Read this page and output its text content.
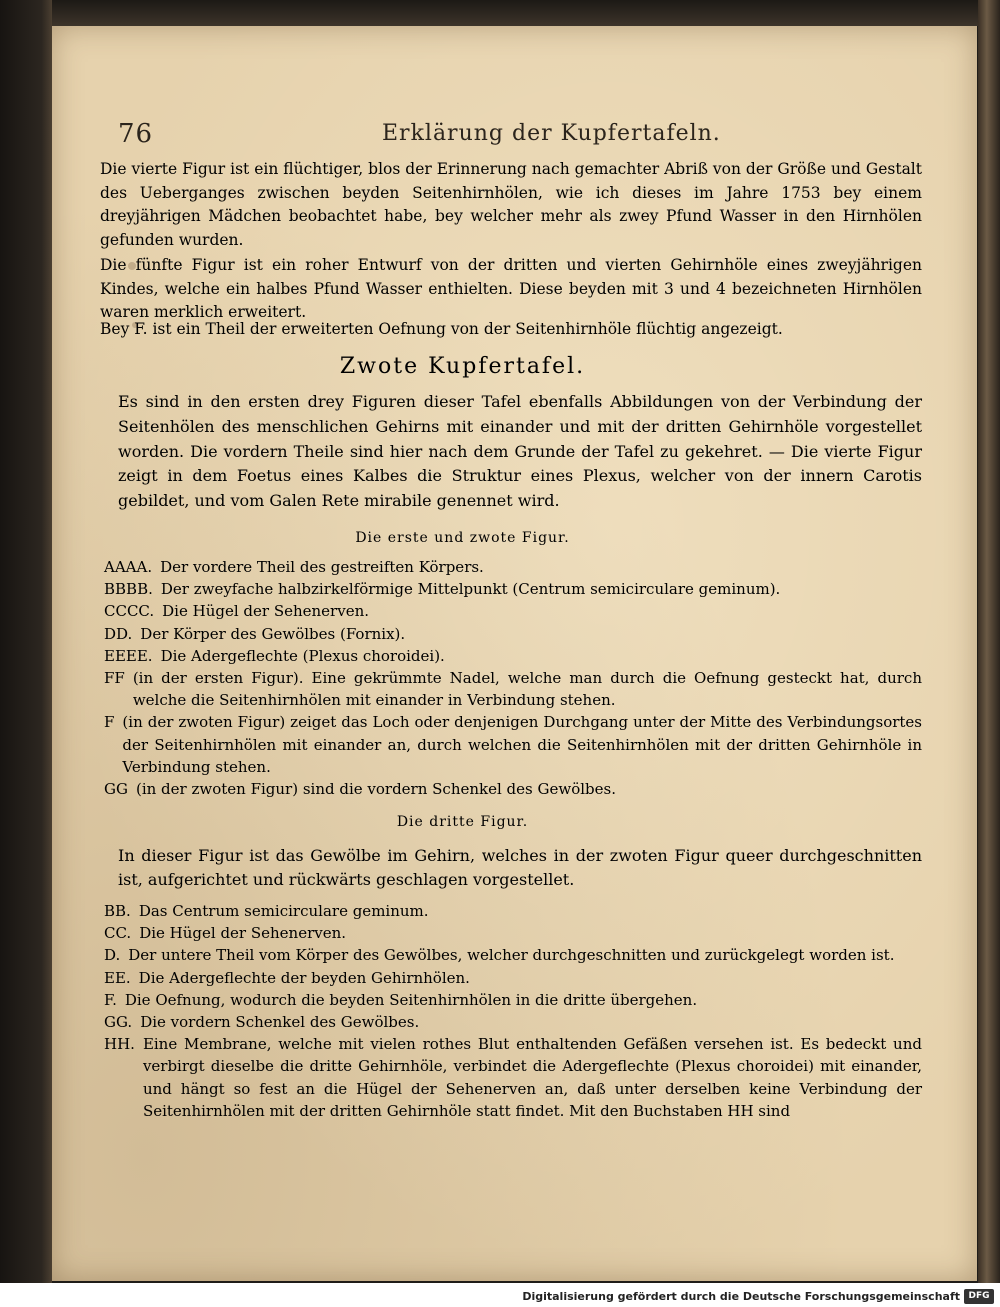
76	Erklärung der Kupfertafeln.
Die vierte Figur ist ein flüchtiger, blos der Erinnerung nach gemachter Abriß von der Größe und Gestalt des Ueberganges zwischen beyden Seitenhirnhölen, wie ich dieses im Jahre 1753 bey einem dreyjährigen Mädchen beobachtet habe, bey welcher mehr als zwey Pfund Wasser in den Hirnhölen gefunden wurden.
Die fünfte Figur ist ein roher Entwurf von der dritten und vierten Gehirnhöle eines zweyjährigen Kindes, welche ein halbes Pfund Wasser enthielten. Diese beyden mit 3 und 4 bezeichneten Hirnhölen waren merklich erweitert.
Bey F. ist ein Theil der erweiterten Oefnung von der Seitenhirnhöle flüchtig angezeigt.
Zwote Kupfertafel.
Es sind in den ersten drey Figuren dieser Tafel ebenfalls Abbildungen von der Verbindung der Seitenhölen des menschlichen Gehirns mit einander und mit der dritten Gehirnhöle vorgestellet worden. Die vordern Theile sind hier nach dem Grunde der Tafel zu gekehret. — Die vierte Figur zeigt in dem Foetus eines Kalbes die Struktur eines Plexus, welcher von der innern Carotis gebildet, und vom Galen Rete mirabile genennet wird.
Die erste und zwote Figur.
AAAA. Der vordere Theil des gestreiften Körpers.
BBBB. Der zweyfache halbzirkelförmige Mittelpunkt (Centrum semicirculare geminum).
CCCC. Die Hügel der Sehenerven.
DD. Der Körper des Gewölbes (Fornix).
EEEE. Die Adergeflechte (Plexus choroidei).
FF (in der ersten Figur). Eine gekrümmte Nadel, welche man durch die Oefnung gesteckt hat, durch welche die Seitenhirnhölen mit einander in Verbindung stehen.
F (in der zwoten Figur) zeiget das Loch oder denjenigen Durchgang unter der Mitte des Verbindungsortes der Seitenhirnhölen mit einander an, durch welchen die Seitenhirnhölen mit der dritten Gehirnhöle in Verbindung stehen.
GG (in der zwoten Figur) sind die vordern Schenkel des Gewölbes.
Die dritte Figur.
In dieser Figur ist das Gewölbe im Gehirn, welches in der zwoten Figur queer durchgeschnitten ist, aufgerichtet und rückwärts geschlagen vorgestellet.
BB. Das Centrum semicirculare geminum.
CC. Die Hügel der Sehenerven.
D. Der untere Theil vom Körper des Gewölbes, welcher durchgeschnitten und zurückgelegt worden ist.
EE. Die Adergeflechte der beyden Gehirnhölen.
F. Die Oefnung, wodurch die beyden Seitenhirnhölen in die dritte übergehen.
GG. Die vordern Schenkel des Gewölbes.
HH. Eine Membrane, welche mit vielen rothes Blut enthaltenden Gefäßen versehen ist. Es bedeckt und verbirgt dieselbe die dritte Gehirnhöle, verbindet die Adergeflechte (Plexus choroidei) mit einander, und hängt so fest an die Hügel der Sehenerven an, daß unter derselben keine Verbindung der Seitenhirnhölen mit der dritten Gehirnhöle statt findet. Mit den Buchstaben HH sind
Digitalisierung gefördert durch die Deutsche Forschungsgemeinschaft DFG
